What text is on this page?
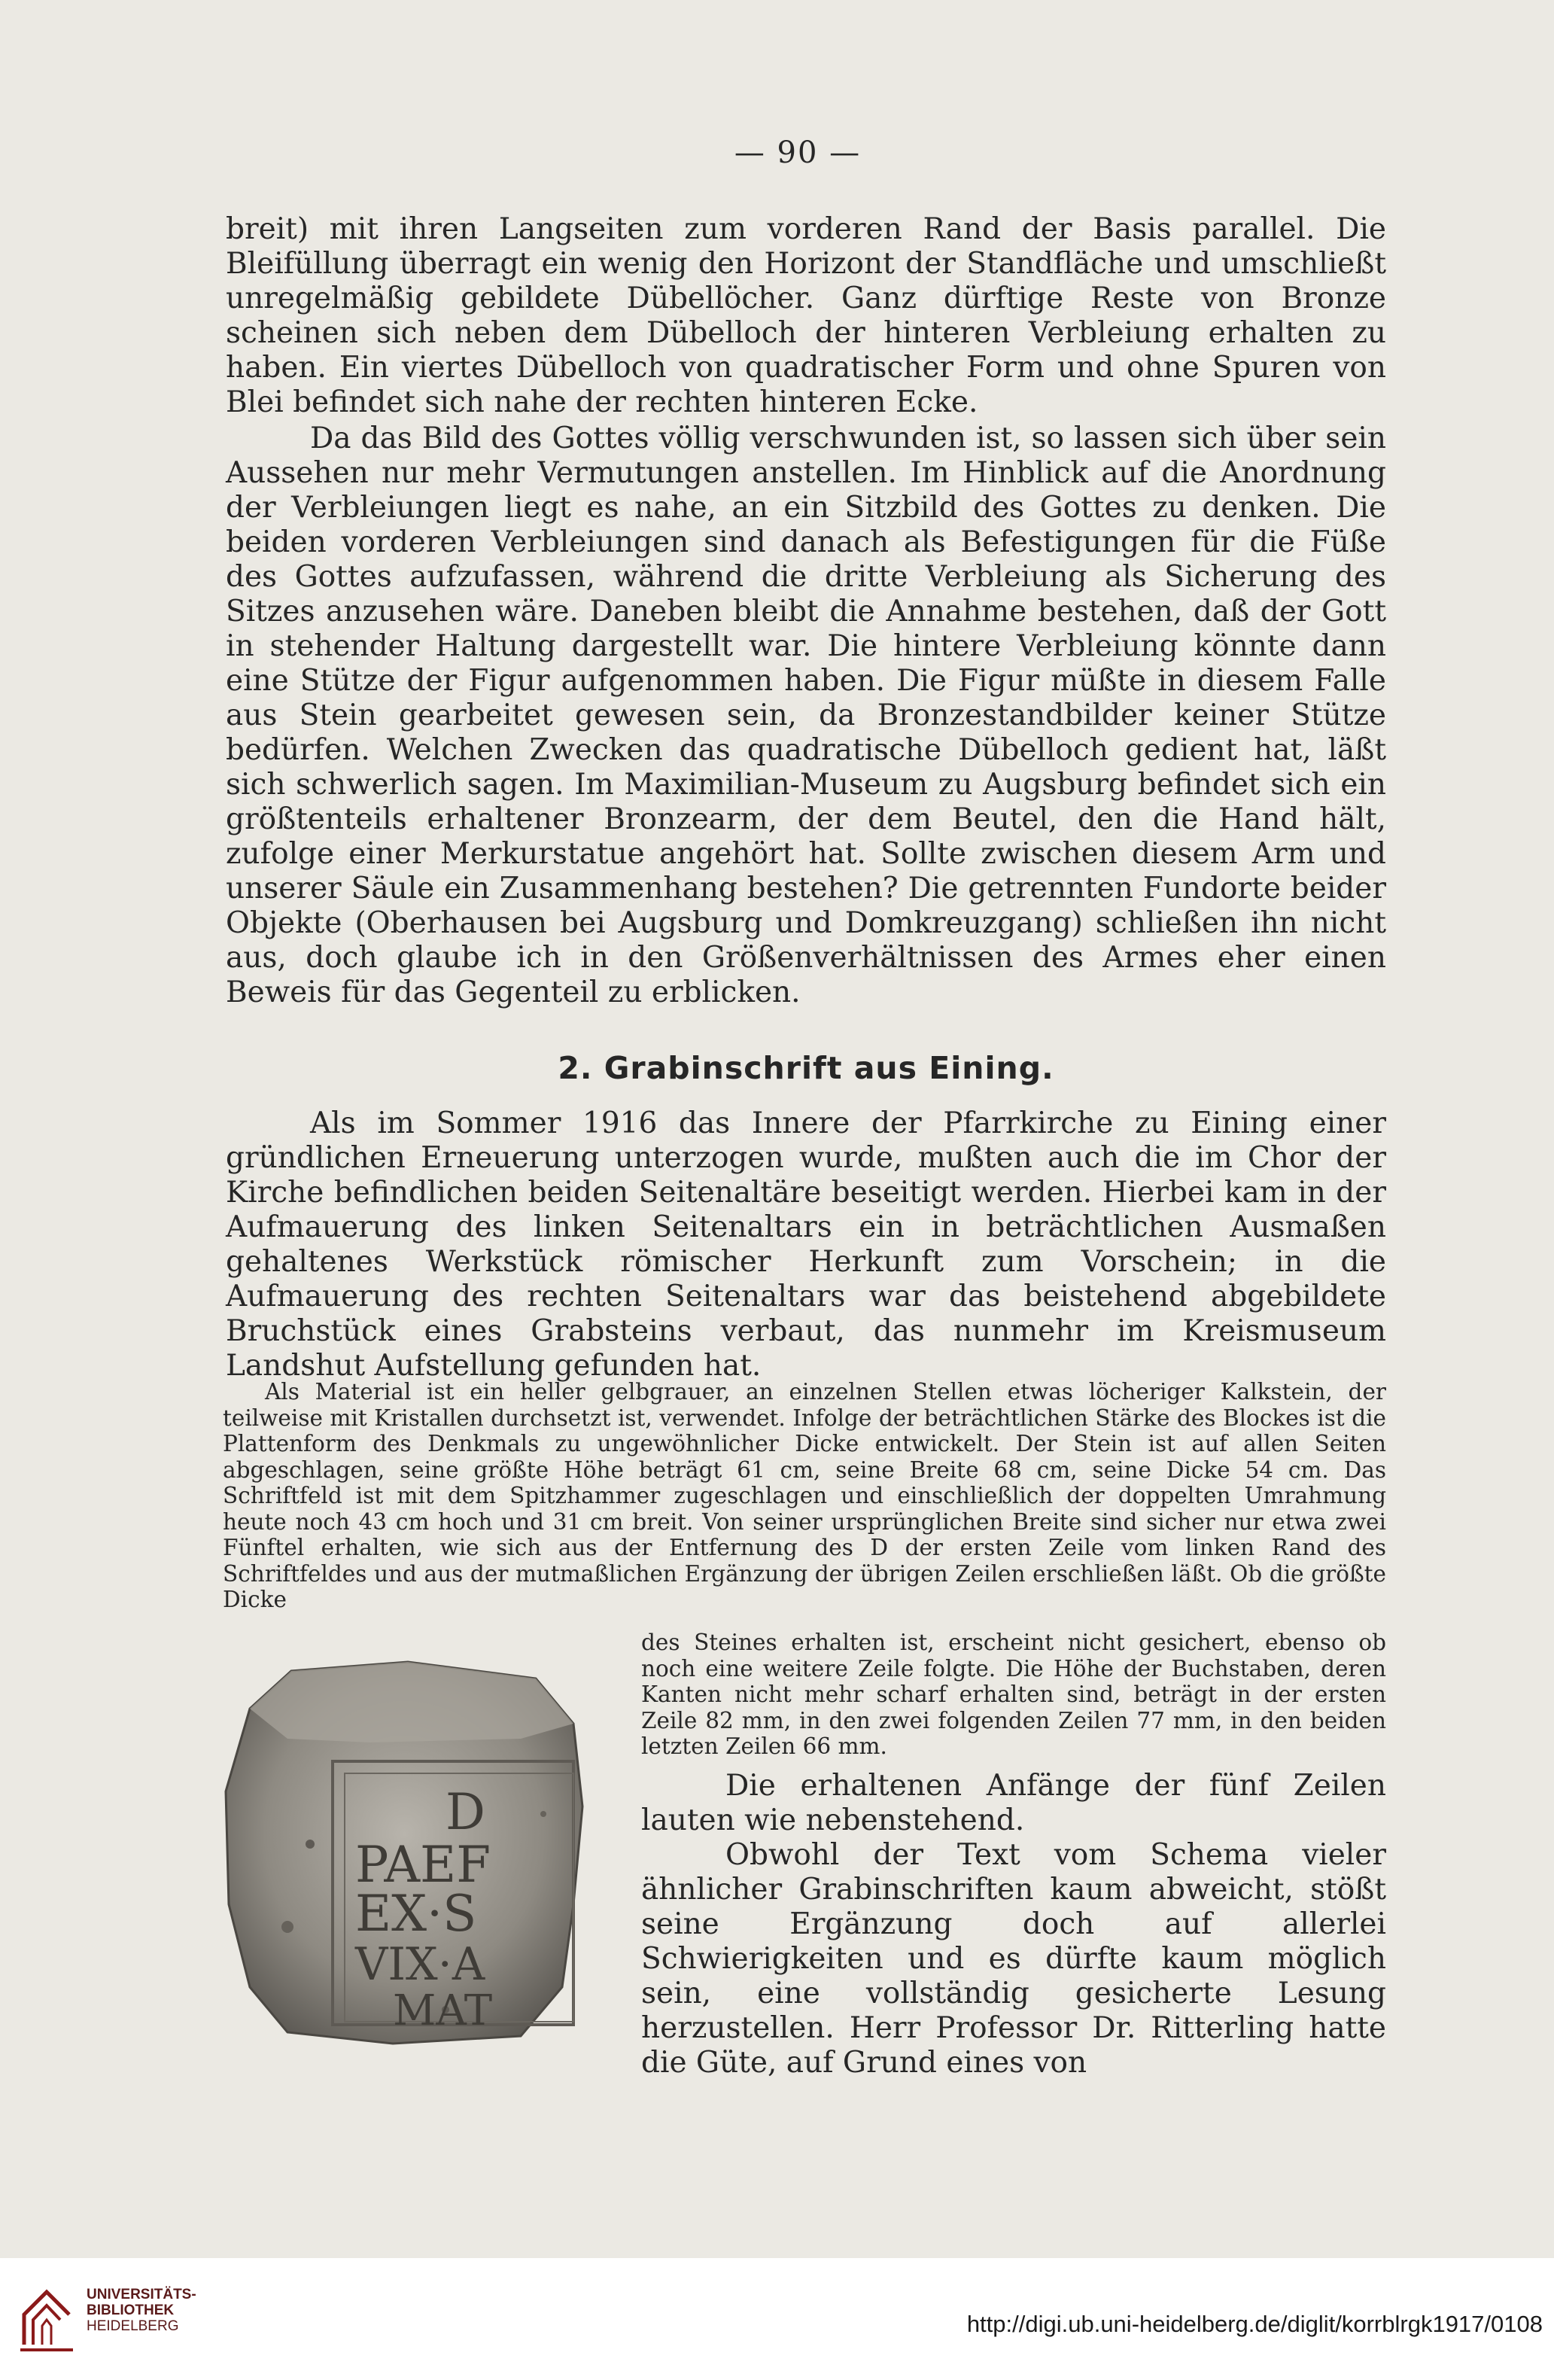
— 90 —

breit) mit ihren Langseiten zum vorderen Rand der Basis parallel. Die Bleifüllung überragt ein wenig den Horizont der Standfläche und umschließt unregelmäßig gebildete Dübellöcher. Ganz dürftige Reste von Bronze scheinen sich neben dem Dübelloch der hinteren Verbleiung erhalten zu haben. Ein viertes Dübelloch von quadratischer Form und ohne Spuren von Blei befindet sich nahe der rechten hinteren Ecke.

Da das Bild des Gottes völlig verschwunden ist, so lassen sich über sein Aussehen nur mehr Vermutungen anstellen. Im Hinblick auf die Anordnung der Verbleiungen liegt es nahe, an ein Sitzbild des Gottes zu denken. Die beiden vorderen Verbleiungen sind danach als Befestigungen für die Füße des Gottes aufzufassen, während die dritte Verbleiung als Sicherung des Sitzes anzusehen wäre. Daneben bleibt die Annahme bestehen, daß der Gott in stehender Haltung dargestellt war. Die hintere Verbleiung könnte dann eine Stütze der Figur aufgenommen haben. Die Figur müßte in diesem Falle aus Stein gearbeitet gewesen sein, da Bronzestandbilder keiner Stütze bedürfen. Welchen Zwecken das quadratische Dübelloch gedient hat, läßt sich schwerlich sagen. Im Maximilian-Museum zu Augsburg befindet sich ein größtenteils erhaltener Bronzearm, der dem Beutel, den die Hand hält, zufolge einer Merkurstatue angehört hat. Sollte zwischen diesem Arm und unserer Säule ein Zusammenhang bestehen? Die getrennten Fundorte beider Objekte (Oberhausen bei Augsburg und Domkreuzgang) schließen ihn nicht aus, doch glaube ich in den Größenverhältnissen des Armes eher einen Beweis für das Gegenteil zu erblicken.

2. Grabinschrift aus Eining.

Als im Sommer 1916 das Innere der Pfarrkirche zu Eining einer gründlichen Erneuerung unterzogen wurde, mußten auch die im Chor der Kirche befindlichen beiden Seitenaltäre beseitigt werden. Hierbei kam in der Aufmauerung des linken Seitenaltars ein in beträchtlichen Ausmaßen gehaltenes Werkstück römischer Herkunft zum Vorschein; in die Aufmauerung des rechten Seitenaltars war das beistehend abgebildete Bruchstück eines Grabsteins verbaut, das nunmehr im Kreismuseum Landshut Aufstellung gefunden hat.

Als Material ist ein heller gelbgrauer, an einzelnen Stellen etwas löcheriger Kalkstein, der teilweise mit Kristallen durchsetzt ist, verwendet. Infolge der beträchtlichen Stärke des Blockes ist die Plattenform des Denkmals zu ungewöhnlicher Dicke entwickelt. Der Stein ist auf allen Seiten abgeschlagen, seine größte Höhe beträgt 61 cm, seine Breite 68 cm, seine Dicke 54 cm. Das Schriftfeld ist mit dem Spitzhammer zugeschlagen und einschließlich der doppelten Umrahmung heute noch 43 cm hoch und 31 cm breit. Von seiner ursprünglichen Breite sind sicher nur etwa zwei Fünftel erhalten, wie sich aus der Entfernung des D der ersten Zeile vom linken Rand des Schriftfeldes und aus der mutmaßlichen Ergänzung der übrigen Zeilen erschließen läßt. Ob die größte Dicke

D
PAEF
EX·S
VIX·A
MAT

des Steines erhalten ist, erscheint nicht gesichert, ebenso ob noch eine weitere Zeile folgte. Die Höhe der Buchstaben, deren Kanten nicht mehr scharf erhalten sind, beträgt in der ersten Zeile 82 mm, in den zwei folgenden Zeilen 77 mm, in den beiden letzten Zeilen 66 mm.

Die erhaltenen Anfänge der fünf Zeilen lauten wie nebenstehend.

Obwohl der Text vom Schema vieler ähnlicher Grabinschriften kaum abweicht, stößt seine Ergänzung doch auf allerlei Schwierigkeiten und es dürfte kaum möglich sein, eine vollständig gesicherte Lesung herzustellen. Herr Professor Dr. Ritterling hatte die Güte, auf Grund eines von

UNIVERSITÄTS-
BIBLIOTHEK
HEIDELBERG	http://digi.ub.uni-heidelberg.de/diglit/korrblrgk1917/0108
